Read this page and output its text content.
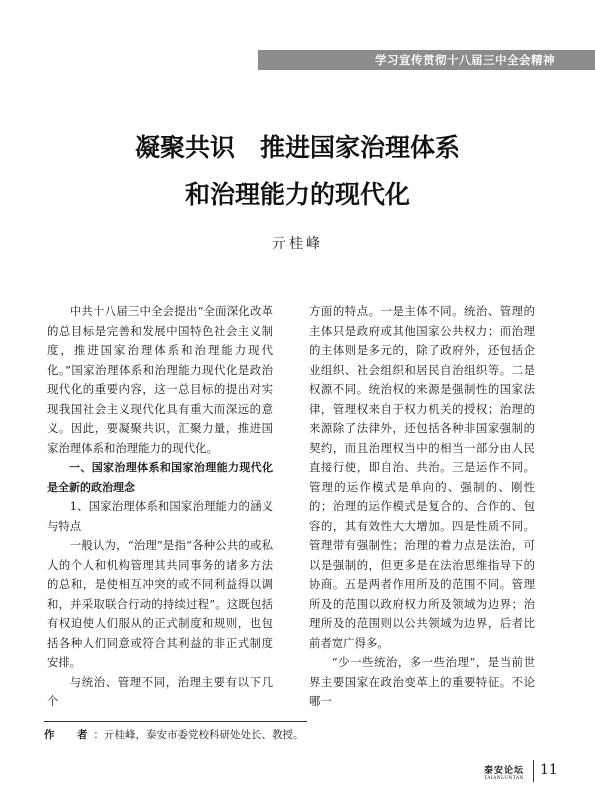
学习宣传贯彻十八届三中全会精神
凝聚共识　推进国家治理体系
和治理能力的现代化
亓桂峰

中共十八届三中全会提出“全面深化改革的总目标是完善和发展中国特色社会主义制度，推进国家治理体系和治理能力现代化。”国家治理体系和治理能力现代化是政治现代化的重要内容，这一总目标的提出对实现我国社会主义现代化具有重大而深远的意义。因此，要凝聚共识，汇聚力量，推进国家治理体系和治理能力的现代化。

一、国家治理体系和国家治理能力现代化是全新的政治理念

1、国家治理体系和国家治理能力的涵义与特点

一般认为，“治理”是指“各种公共的或私人的个人和机构管理其共同事务的诸多方法的总和，是使相互冲突的或不同利益得以调和，并采取联合行动的持续过程”。这既包括有权迫使人们服从的正式制度和规则，也包括各种人们同意或符合其利益的非正式制度安排。

与统治、管理不同，治理主要有以下几个

方面的特点。一是主体不同。统治、管理的主体只是政府或其他国家公共权力；而治理的主体则是多元的，除了政府外，还包括企业组织、社会组织和居民自治组织等。二是权源不同。统治权的来源是强制性的国家法律，管理权来自于权力机关的授权；治理的来源除了法律外，还包括各种非国家强制的契约，而且治理权当中的相当一部分由人民直接行使，即自治、共治。三是运作不同。管理的运作模式是单向的、强制的、刚性的；治理的运作模式是复合的、合作的、包容的，其有效性大大增加。四是性质不同。管理带有强制性；治理的着力点是法治，可以是强制的，但更多是在法治思维指导下的协商。五是两者作用所及的范围不同。管理所及的范围以政府权力所及领域为边界；治理所及的范围则以公共领域为边界，后者比前者宽广得多。

“少一些统治，多一些治理”，是当前世界主要国家在政治变革上的重要特征。不论哪一

作　者：亓桂峰，泰安市委党校科研处处长、教授。
泰安论坛
TAIANLUNTAN
11
